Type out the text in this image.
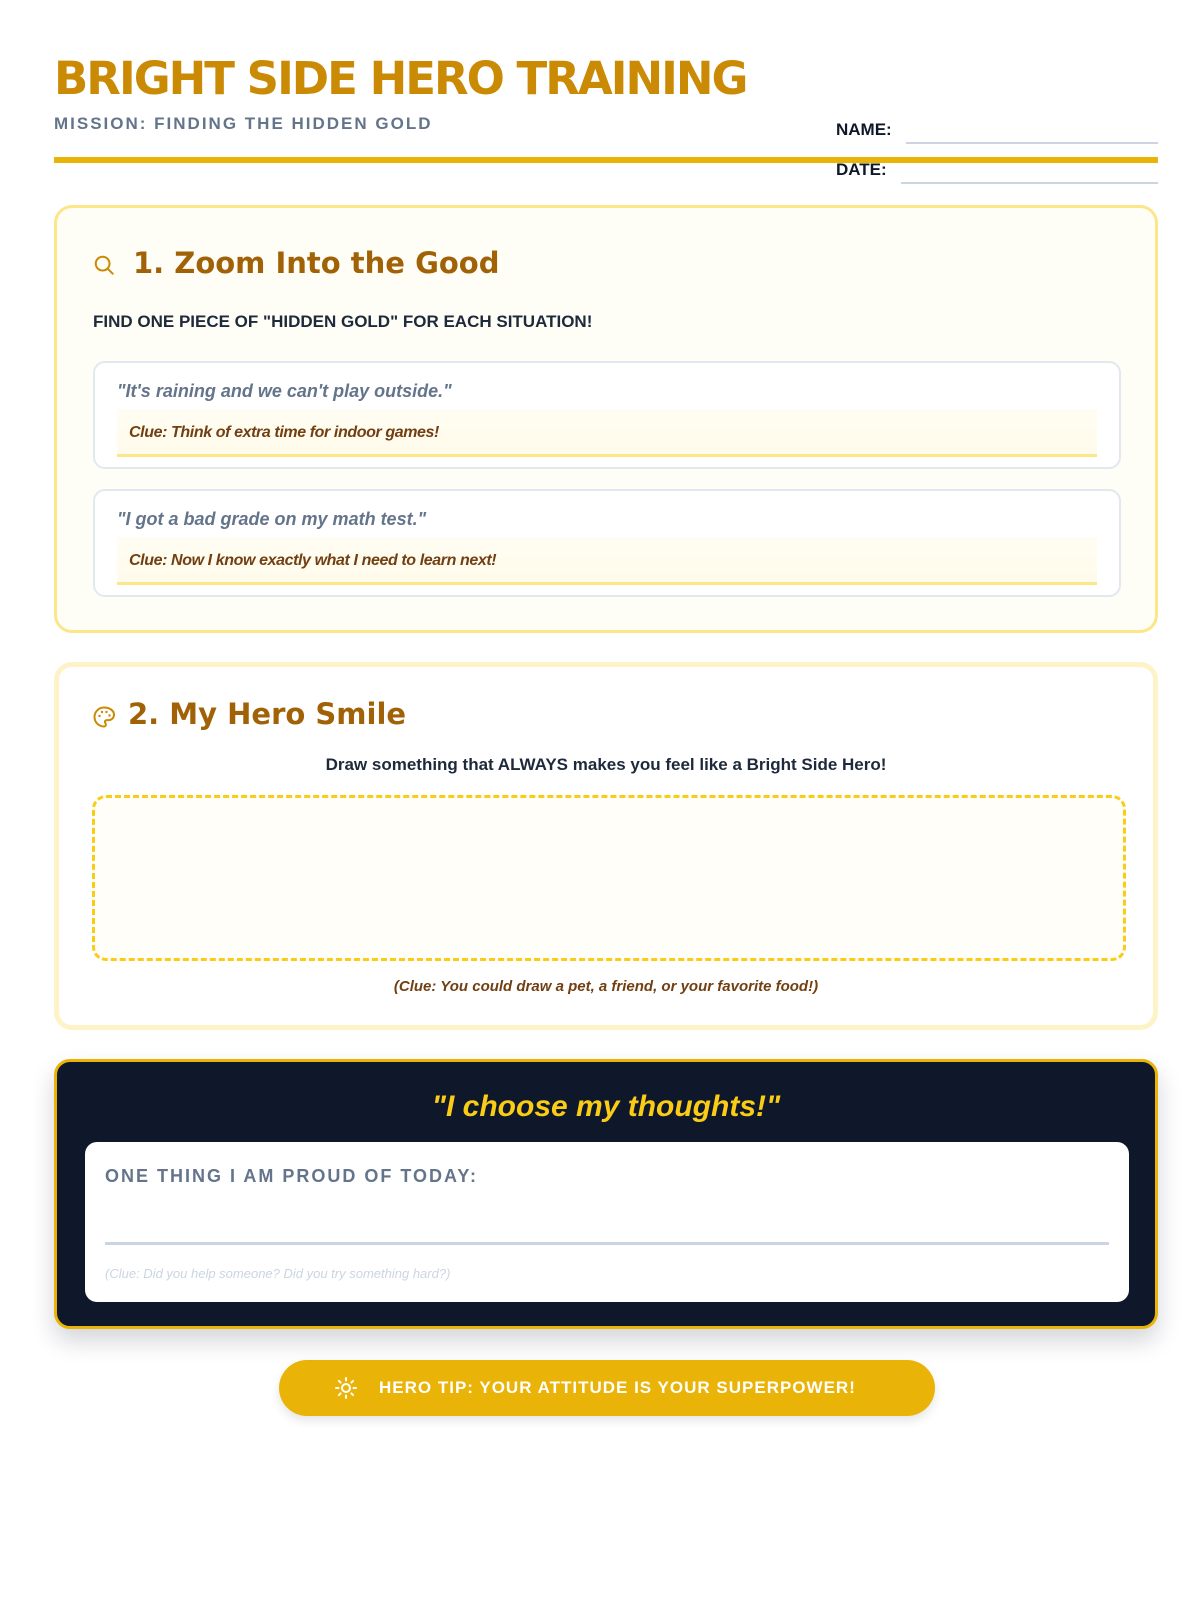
BRIGHT SIDE HERO TRAINING
MISSION: FINDING THE HIDDEN GOLD	NAME:
DATE:
1. Zoom Into the Good
FIND ONE PIECE OF "HIDDEN GOLD" FOR EACH SITUATION!
"It's raining and we can't play outside."
Clue: Think of extra time for indoor games!
"I got a bad grade on my math test."
Clue: Now I know exactly what I need to learn next!
2. My Hero Smile
Draw something that ALWAYS makes you feel like a Bright Side Hero!
(Clue: You could draw a pet, a friend, or your favorite food!)
"I choose my thoughts!"
ONE THING I AM PROUD OF TODAY:
(Clue: Did you help someone? Did you try something hard?)
HERO TIP: YOUR ATTITUDE IS YOUR SUPERPOWER!
